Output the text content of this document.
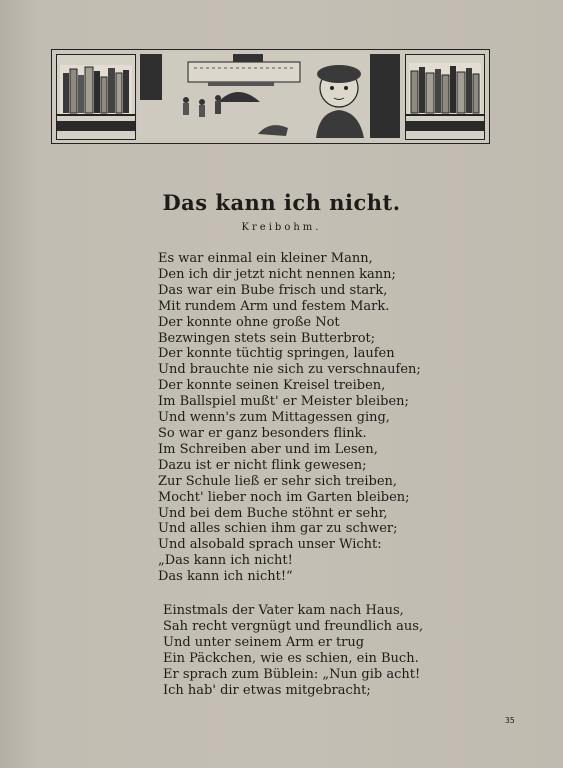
Das kann ich nicht.
Kreibohm.
Es war einmal ein kleiner Mann,
Den ich dir jetzt nicht nennen kann;
Das war ein Bube frisch und stark,
Mit rundem Arm und festem Mark.
Der konnte ohne große Not
Bezwingen stets sein Butterbrot;
Der konnte tüchtig springen, laufen
Und brauchte nie sich zu verschnaufen;
Der konnte seinen Kreisel treiben,
Im Ballspiel mußt' er Meister bleiben;
Und wenn's zum Mittagessen ging,
So war er ganz besonders flink.
Im Schreiben aber und im Lesen,
Dazu ist er nicht flink gewesen;
Zur Schule ließ er sehr sich treiben,
Mocht' lieber noch im Garten bleiben;
Und bei dem Buche stöhnt er sehr,
Und alles schien ihm gar zu schwer;
Und alsobald sprach unser Wicht:
„Das kann ich nicht!
Das kann ich nicht!“
Einstmals der Vater kam nach Haus,
Sah recht vergnügt und freundlich aus,
Und unter seinem Arm er trug
Ein Päckchen, wie es schien, ein Buch.
Er sprach zum Büblein: „Nun gib acht!
Ich hab' dir etwas mitgebracht;
35
